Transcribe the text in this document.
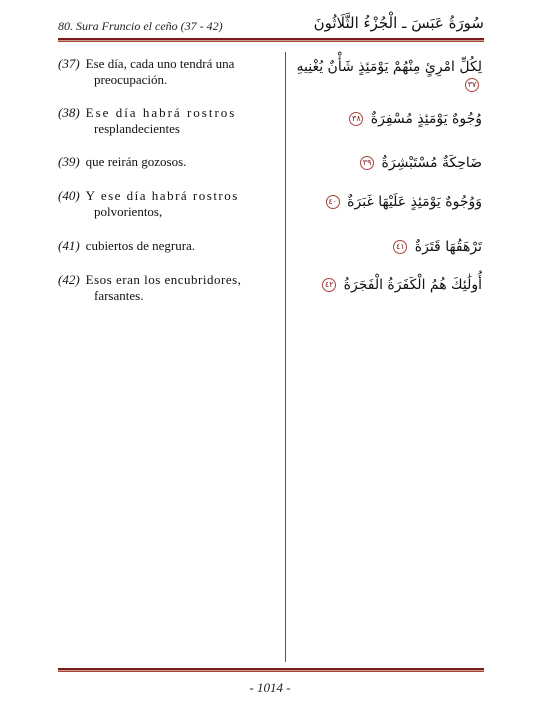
80. Sura Fruncio el ceño (37 - 42)	سُورَةُ عَبَسَ ـ الْجُزْءُ الثَّلَاثُونَ
(37) Ese día, cada uno tendrá una
preocupación.
لِكُلِّ امْرِئٍ مِنْهُمْ يَوْمَئِذٍ شَأْنٌ يُغْنِيهِ ٣٧
(38) Ese día habrá rostros
resplandecientes
وُجُوهٌ يَوْمَئِذٍ مُسْفِرَةٌ ٣٨
(39) que reirán gozosos.	ضَاحِكَةٌ مُسْتَبْشِرَةٌ ٣٩
(40) Y ese día habrá rostros
polvorientos,
وَوُجُوهٌ يَوْمَئِذٍ عَلَيْهَا غَبَرَةٌ ٤٠
(41) cubiertos de negrura.	تَرْهَقُهَا قَتَرَةٌ ٤١
(42) Esos eran los encubridores,
farsantes.
أُولَٰئِكَ هُمُ الْكَفَرَةُ الْفَجَرَةُ ٤٢
- 1014 -
